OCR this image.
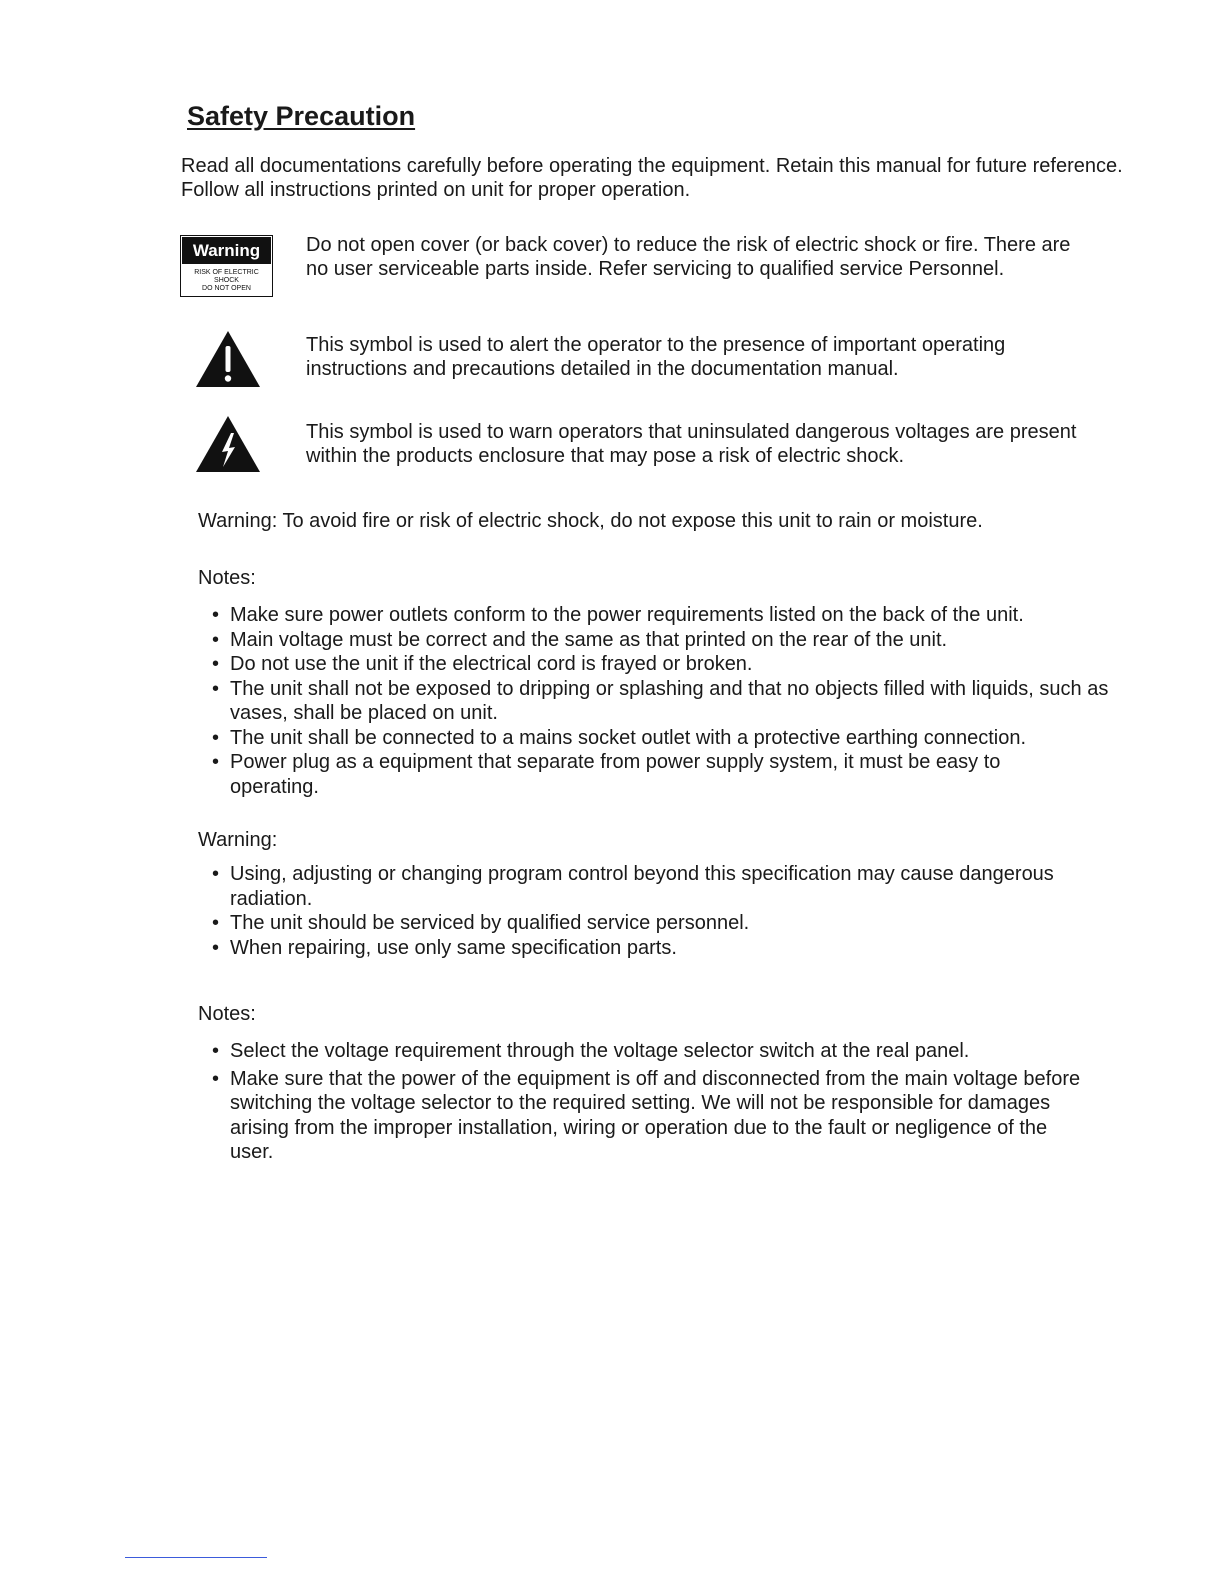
Safety Precaution
Read all documentations carefully before operating the equipment. Retain this manual for future reference. Follow all instructions printed on unit for proper operation.
Warning
RISK OF ELECTRIC SHOCK
DO NOT OPEN
Do not open cover (or back cover) to reduce the risk of electric shock or fire. There are no user serviceable parts inside. Refer servicing to qualified service Personnel.
This symbol is used to alert the operator to the presence of important operating instructions and precautions detailed in the documentation manual.
This symbol is used to warn operators that uninsulated dangerous voltages are present within the products enclosure that may pose a risk of electric shock.
Warning: To avoid fire or risk of electric shock, do not expose this unit to rain or moisture.
Notes:
• Make sure power outlets conform to the power requirements listed on the back of the unit.
• Main voltage must be correct and the same as that printed on the rear of the unit.
• Do not use the unit if the electrical cord is frayed or broken.
• The unit shall not be exposed to dripping or splashing and that no objects filled with liquids, such as vases, shall be placed on unit.
• The unit shall be connected to a mains socket outlet with a protective earthing connection.
• Power plug as a equipment that separate from power supply system, it must be easy to operating.
Warning:
• Using, adjusting or changing program control beyond this specification may cause dangerous radiation.
• The unit should be serviced by qualified service personnel.
• When repairing, use only same specification parts.
Notes:
• Select the voltage requirement through the voltage selector switch at the real panel.
• Make sure that the power of the equipment is off and disconnected from the main voltage before switching the voltage selector to the required setting. We will not be responsible for damages arising from the improper installation, wiring or operation due to the fault or negligence of the user.
